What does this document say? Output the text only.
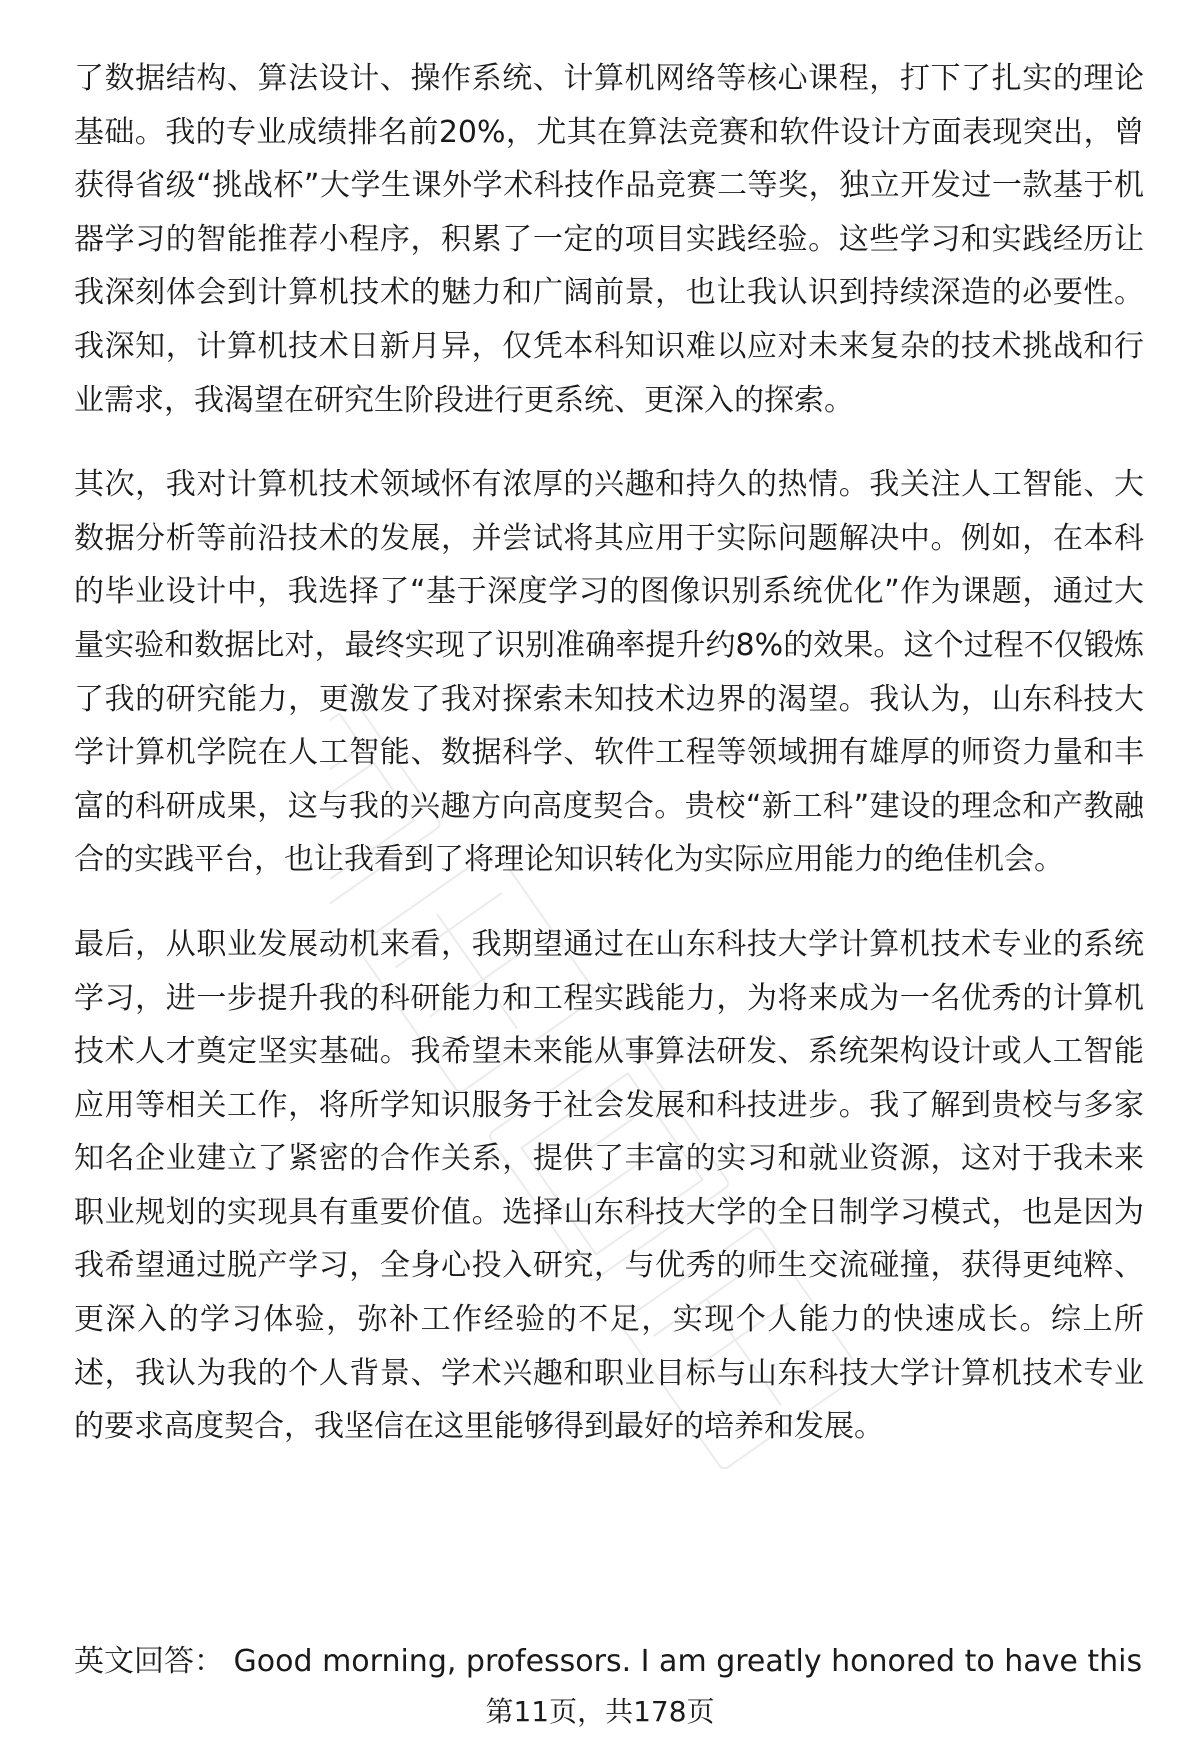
了数据结构、算法设计、操作系统、计算机网络等核心课程，打下了扎实的理论基础。我的专业成绩排名前20%，尤其在算法竞赛和软件设计方面表现突出，曾获得省级“挑战杯”大学生课外学术科技作品竞赛二等奖，独立开发过一款基于机器学习的智能推荐小程序，积累了一定的项目实践经验。这些学习和实践经历让我深刻体会到计算机技术的魅力和广阔前景，也让我认识到持续深造的必要性。我深知，计算机技术日新月异，仅凭本科知识难以应对未来复杂的技术挑战和行业需求，我渴望在研究生阶段进行更系统、更深入的探索。

其次，我对计算机技术领域怀有浓厚的兴趣和持久的热情。我关注人工智能、大数据分析等前沿技术的发展，并尝试将其应用于实际问题解决中。例如，在本科的毕业设计中，我选择了“基于深度学习的图像识别系统优化”作为课题，通过大量实验和数据比对，最终实现了识别准确率提升约8%的效果。这个过程不仅锻炼了我的研究能力，更激发了我对探索未知技术边界的渴望。我认为，山东科技大学计算机学院在人工智能、数据科学、软件工程等领域拥有雄厚的师资力量和丰富的科研成果，这与我的兴趣方向高度契合。贵校“新工科”建设的理念和产教融合的实践平台，也让我看到了将理论知识转化为实际应用能力的绝佳机会。

最后，从职业发展动机来看，我期望通过在山东科技大学计算机技术专业的系统学习，进一步提升我的科研能力和工程实践能力，为将来成为一名优秀的计算机技术人才奠定坚实基础。我希望未来能从事算法研发、系统架构设计或人工智能应用等相关工作，将所学知识服务于社会发展和科技进步。我了解到贵校与多家知名企业建立了紧密的合作关系，提供了丰富的实习和就业资源，这对于我未来职业规划的实现具有重要价值。选择山东科技大学的全日制学习模式，也是因为我希望通过脱产学习，全身心投入研究，与优秀的师生交流碰撞，获得更纯粹、更深入的学习体验，弥补工作经验的不足，实现个人能力的快速成长。综上所述，我认为我的个人背景、学术兴趣和职业目标与山东科技大学计算机技术专业的要求高度契合，我坚信在这里能够得到最好的培养和发展。

英文回答： Good morning, professors. I am greatly honored to have this
第11页，共178页
